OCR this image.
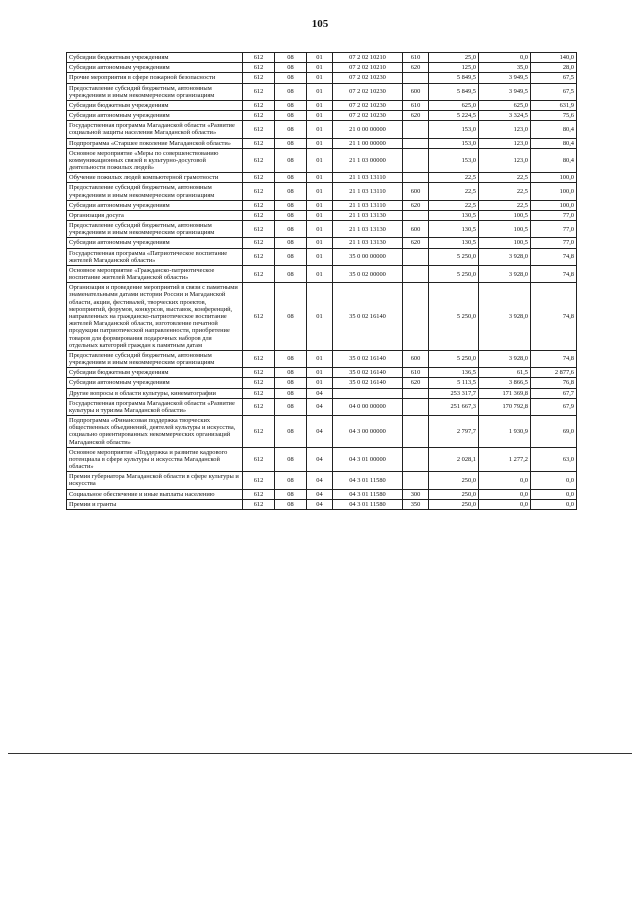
105
Субсидии бюджетным учреждениям	612	08	01	07 2 02 10210	610	25,0	0,0	140,0
Субсидии автономным учреждениям	612	08	01	07 2 02 10210	620	125,0	35,0	28,0
Прочие мероприятия в сфере пожарной безопасности	612	08	01	07 2 02 10230		5 849,5	3 949,5	67,5
Предоставление субсидий бюджетным, автономным учреждениям и иным некоммерческим организациям	612	08	01	07 2 02 10230	600	5 849,5	3 949,5	67,5
Субсидии бюджетным учреждениям	612	08	01	07 2 02 10230	610	625,0	625,0	631,9
Субсидии автономным учреждениям	612	08	01	07 2 02 10230	620	5 224,5	3 324,5	75,6
Государственная программа Магаданской области «Развитие социальной защиты населения Магаданской области»	612	08	01	21 0 00 00000		153,0	123,0	80,4
Подпрограмма «Старшее поколение Магаданской области»	612	08	01	21 1 00 00000		153,0	123,0	80,4
Основное мероприятие «Меры по совершенствованию коммуникационных связей в культурно-досуговой деятельности пожилых людей»	612	08	01	21 1 03 00000		153,0	123,0	80,4
Обучение пожилых людей компьютерной грамотности	612	08	01	21 1 03 13110		22,5	22,5	100,0
Предоставление субсидий бюджетным, автономным учреждениям и иным некоммерческим организациям	612	08	01	21 1 03 13110	600	22,5	22,5	100,0
Субсидии автономным учреждениям	612	08	01	21 1 03 13110	620	22,5	22,5	100,0
Организация досуга	612	08	01	21 1 03 13130		130,5	100,5	77,0
Предоставление субсидий бюджетным, автономным учреждениям и иным некоммерческим организациям	612	08	01	21 1 03 13130	600	130,5	100,5	77,0
Субсидии автономным учреждениям	612	08	01	21 1 03 13130	620	130,5	100,5	77,0
Государственная программа «Патриотическое воспитание жителей Магаданской области»	612	08	01	35 0 00 00000		5 250,0	3 928,0	74,8
Основное мероприятие «Гражданско-патриотическое воспитание жителей Магаданской области»	612	08	01	35 0 02 00000		5 250,0	3 928,0	74,8
Организация и проведение мероприятий в связи с памятными знаменательными датами истории России и Магаданской области, акции, фестивалей, творческих проектов, мероприятий, форумов, конкурсов, выставок, конференций, направленных на гражданско-патриотическое воспитание жителей Магаданской области, изготовление печатной продукции патриотической направленности, приобретение товаров для формирования подарочных наборов для отдельных категорий граждан к памятным датам	612	08	01	35 0 02 16140		5 250,0	3 928,0	74,8
Предоставление субсидий бюджетным, автономным учреждениям и иным некоммерческим организациям	612	08	01	35 0 02 16140	600	5 250,0	3 928,0	74,8
Субсидии бюджетным учреждениям	612	08	01	35 0 02 16140	610	136,5	61,5	2 877,6
Субсидии автономным учреждениям	612	08	01	35 0 02 16140	620	5 113,5	3 866,5	76,8
Другие вопросы в области культуры, кинематографии	612	08	04			253 317,7	171 369,8	67,7
Государственная программа Магаданской области «Развитие культуры и туризма Магаданской области»	612	08	04	04 0 00 00000		251 667,3	170 792,8	67,9
Подпрограмма «Финансовая поддержка творческих общественных объединений, деятелей культуры и искусства, социально ориентированных некоммерческих организаций Магаданской области»	612	08	04	04 3 00 00000		2 797,7	1 930,9	69,0
Основное мероприятие «Поддержка и развитие кадрового потенциала в сфере культуры и искусства Магаданской области»	612	08	04	04 3 01 00000		2 028,1	1 277,2	63,0
Премия губернатора Магаданской области в сфере культуры и искусства	612	08	04	04 3 01 11580		250,0	0,0	0,0
Социальное обеспечение и иные выплаты населению	612	08	04	04 3 01 11580	300	250,0	0,0	0,0
Премии и гранты	612	08	04	04 3 01 11580	350	250,0	0,0	0,0
